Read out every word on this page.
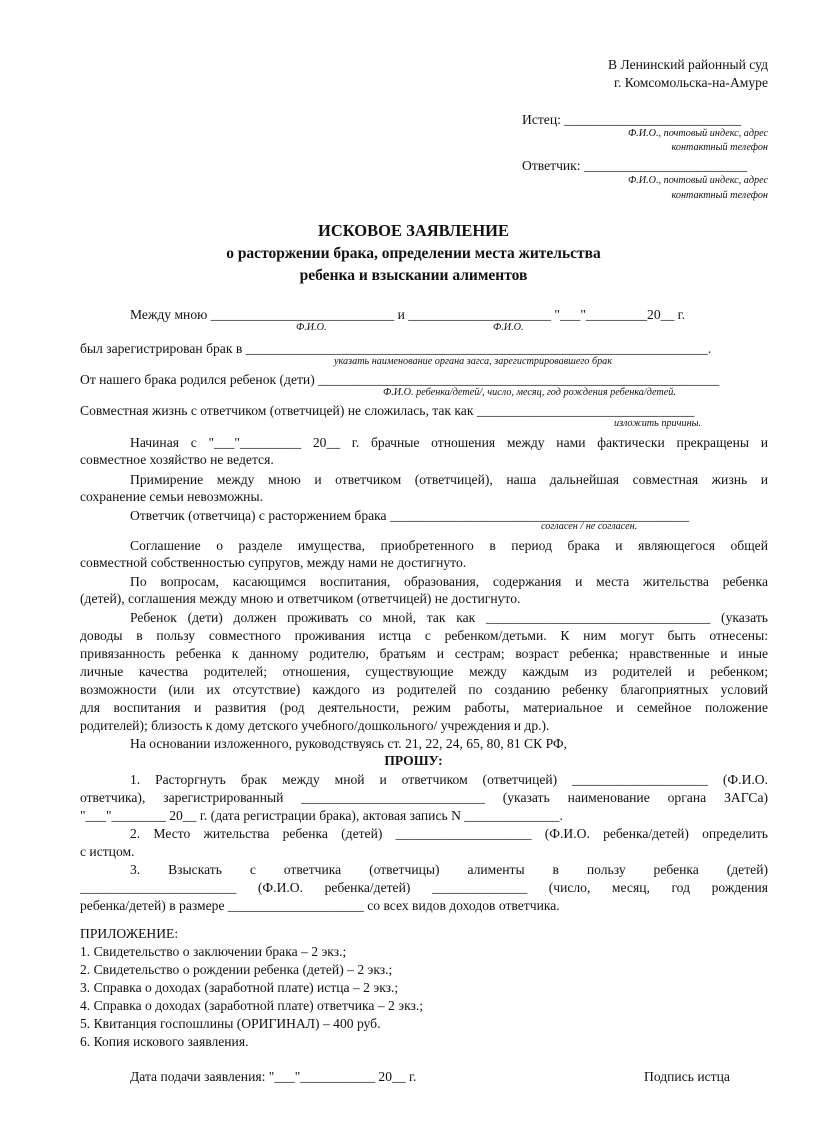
В Ленинский районный суд
г. Комсомольска-на-Амуре
Истец: __________________________
Ф.И.О., почтовый индекс, адрес
контактный телефон
Ответчик: ________________________
Ф.И.О., почтовый индекс, адрес
контактный телефон
ИСКОВОЕ ЗАЯВЛЕНИЕ
о расторжении брака, определении места жительства
ребенка и взыскании алиментов
Между мною ___________________________ и _____________________ "___"_________20__ г.
Ф.И.О.	Ф.И.О.
был зарегистрирован брак в ____________________________________________________________________.
указать наименование органа загса, зарегистрировавшего брак
От нашего брака родился ребенок (дети) ___________________________________________________________
Ф.И.О. ребенка/детей/, число, месяц, год рождения ребенка/детей.
Совместная жизнь с ответчиком (ответчицей) не сложилась, так как ________________________________
изложить причины.
Начиная с "___"_________ 20__ г. брачные отношения между нами фактически прекращены и
совместное хозяйство не ведется.
Примирение между мною и ответчиком (ответчицей), наша дальнейшая совместная жизнь и
сохранение семьи невозможны.
Ответчик (ответчица) с расторжением брака ____________________________________________
согласен / не согласен.
Соглашение о разделе имущества, приобретенного в период брака и являющегося общей
совместной собственностью супругов, между нами не достигнуто.
По вопросам, касающимся воспитания, образования, содержания и места жительства ребенка
(детей), соглашения между мною и ответчиком (ответчицей) не достигнуто.
Ребенок (дети) должен проживать со мной, так как _________________________________ (указать
доводы в пользу совместного проживания истца с ребенком/детьми. К ним могут быть отнесены:
привязанность ребенка к данному родителю, братьям и сестрам; возраст ребенка; нравственные и иные
личные качества родителей; отношения, существующие между каждым из родителей и ребенком;
возможности (или их отсутствие) каждого из родителей по созданию ребенку благоприятных условий
для воспитания и развития (род деятельности, режим работы, материальное и семейное положение
родителей); близость к дому детского учебного/дошкольного/ учреждения и др.).
На основании изложенного, руководствуясь ст. 21, 22, 24, 65, 80, 81 СК РФ,
ПРОШУ:
1. Расторгнуть брак между мной и ответчиком (ответчицей) ____________________ (Ф.И.О.
ответчика), зарегистрированный ___________________________ (указать наименование органа ЗАГСа)
"___"________ 20__ г. (дата регистрации брака), актовая запись N ______________.
2. Место жительства ребенка (детей) ____________________ (Ф.И.О. ребенка/детей) определить
с истцом.
3. Взыскать с ответчика (ответчицы) алименты в пользу ребенка (детей)
_______________________ (Ф.И.О. ребенка/детей) ______________ (число, месяц, год рождения
ребенка/детей) в размере ____________________ со всех видов доходов ответчика.
ПРИЛОЖЕНИЕ:
1. Свидетельство о заключении брака – 2 экз.;
2. Свидетельство о рождении ребенка (детей) – 2 экз.;
3. Справка о доходах (заработной плате) истца – 2 экз.;
4. Справка о доходах (заработной плате) ответчика – 2 экз.;
5. Квитанция госпошлины (ОРИГИНАЛ) – 400 руб.
6. Копия искового заявления.
Дата подачи заявления: "___"___________ 20__ г.	Подпись истца
